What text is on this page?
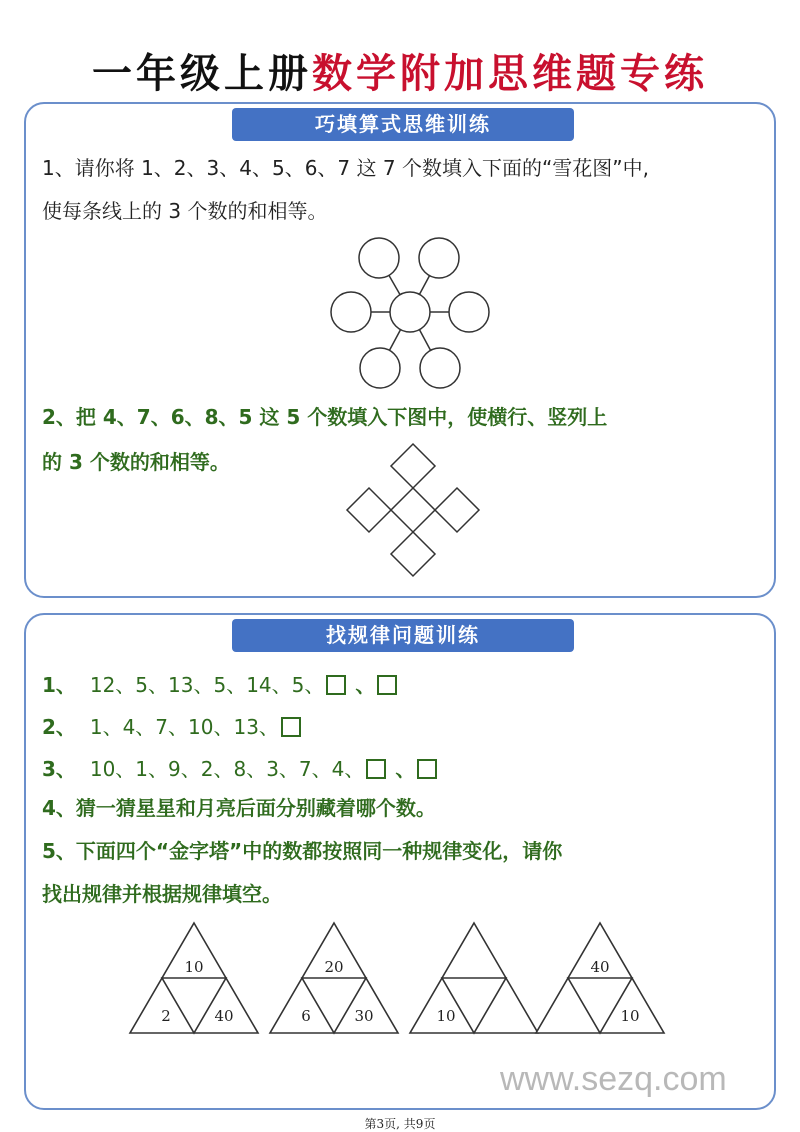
一年级上册数学附加思维题专练
巧填算式思维训练
1、请你将 1、2、3、4、5、6、7 这 7 个数填入下面的“雪花图”中,
使每条线上的 3 个数的和相等。
2、把 4、7、6、8、5 这 5 个数填入下图中，使横行、竖列上
的 3 个数的和相等。
找规律问题训练
1、 12、5、13、5、14、5、 、
2、 1、4、7、10、13、
3、 10、1、9、2、8、3、7、4、 、
4、猜一猜星星和月亮后面分别藏着哪个数。
5、下面四个“金字塔”中的数都按照同一种规律变化，请你
找出规律并根据规律填空。
10
2	40
20
6	30	10
40
10
www.sezq.com
第3页, 共9页
